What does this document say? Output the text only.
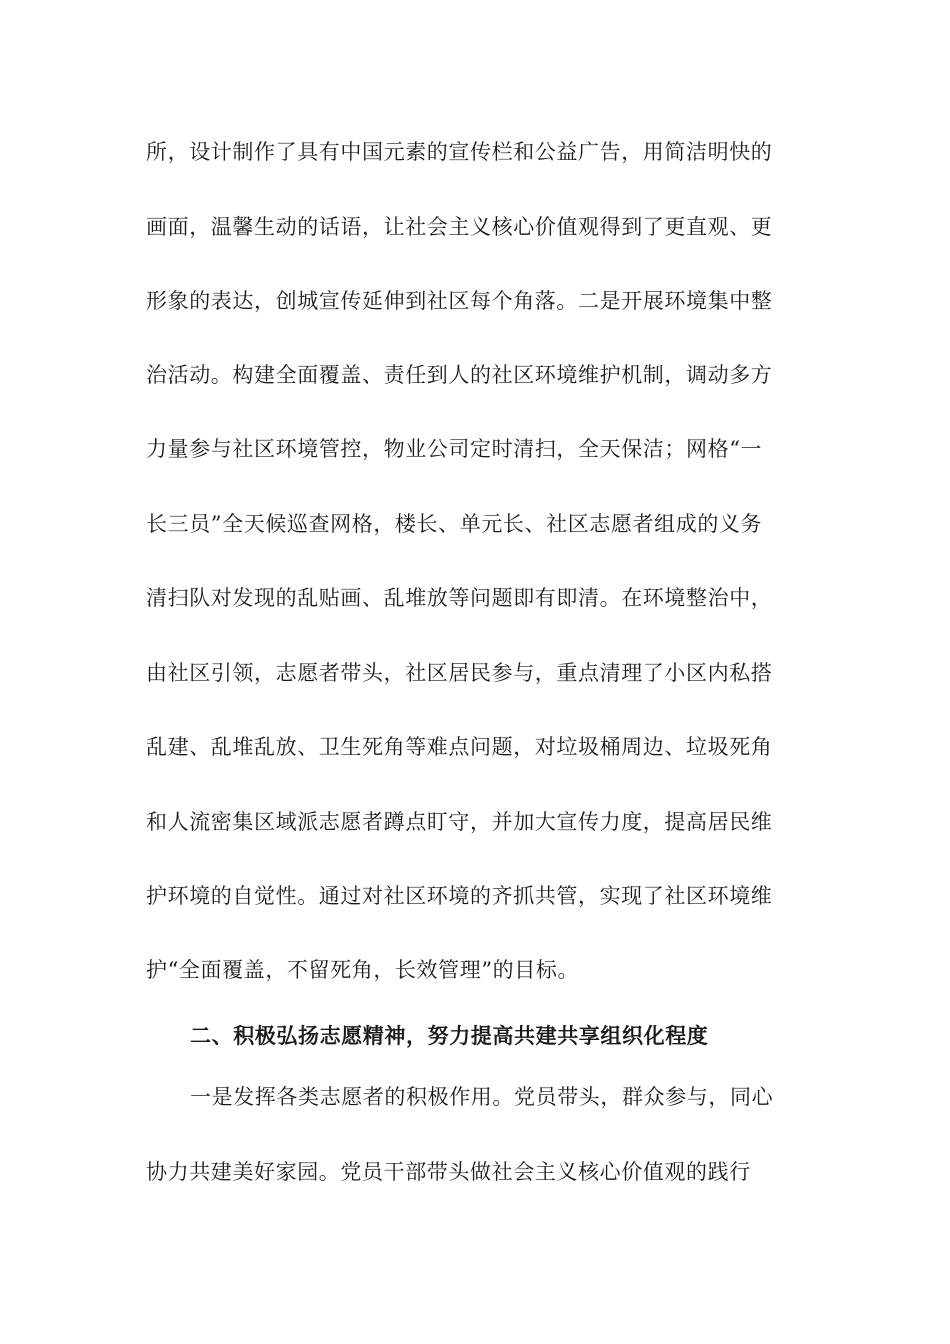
所，设计制作了具有中国元素的宣传栏和公益广告，用简洁明快的
画面，温馨生动的话语，让社会主义核心价值观得到了更直观、更
形象的表达，创城宣传延伸到社区每个角落。二是开展环境集中整
治活动。构建全面覆盖、责任到人的社区环境维护机制，调动多方
力量参与社区环境管控，物业公司定时清扫，全天保洁；网格“一
长三员”全天候巡查网格，楼长、单元长、社区志愿者组成的义务
清扫队对发现的乱贴画、乱堆放等问题即有即清。在环境整治中，
由社区引领，志愿者带头，社区居民参与，重点清理了小区内私搭
乱建、乱堆乱放、卫生死角等难点问题，对垃圾桶周边、垃圾死角
和人流密集区域派志愿者蹲点盯守，并加大宣传力度，提高居民维
护环境的自觉性。通过对社区环境的齐抓共管，实现了社区环境维
护“全面覆盖，不留死角，长效管理”的目标。
二、积极弘扬志愿精神，努力提高共建共享组织化程度
一是发挥各类志愿者的积极作用。党员带头，群众参与，同心
协力共建美好家园。党员干部带头做社会主义核心价值观的践行
